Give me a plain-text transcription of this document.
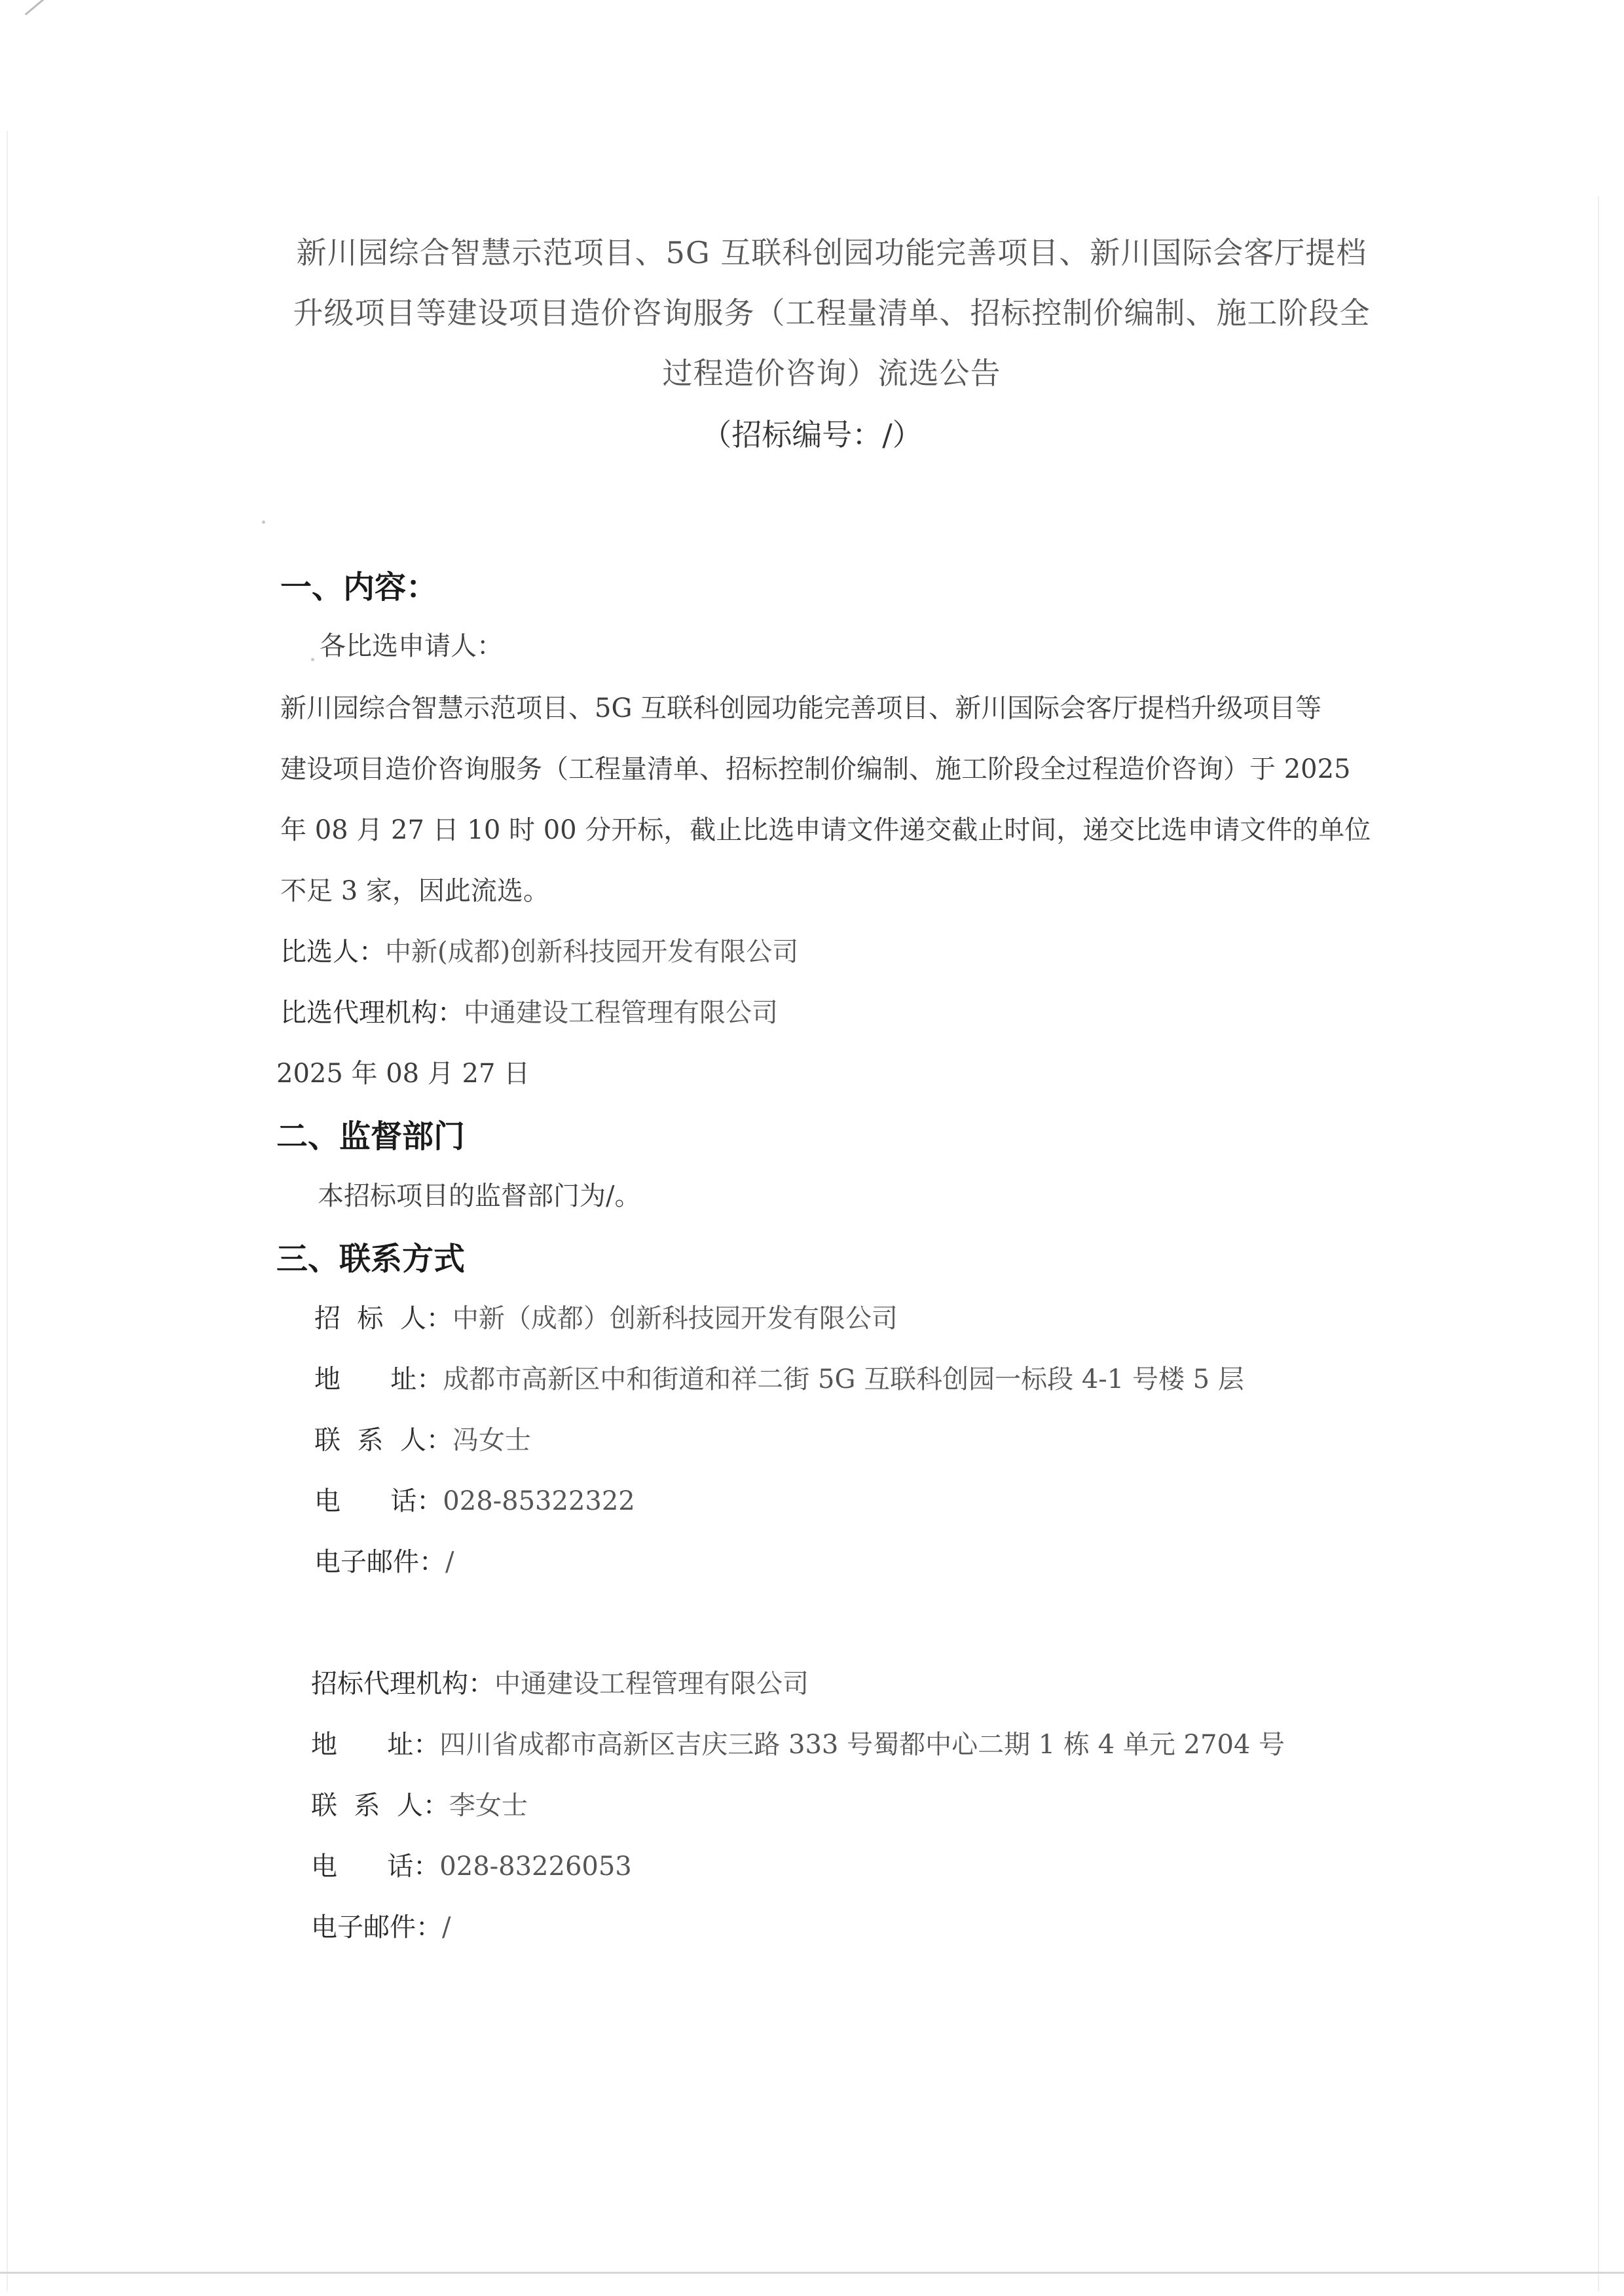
新川园综合智慧示范项目、5G 互联科创园功能完善项目、新川国际会客厅提档
升级项目等建设项目造价咨询服务（工程量清单、招标控制价编制、施工阶段全
过程造价咨询）流选公告
（招标编号：/）
一、内容：
各比选申请人：
新川园综合智慧示范项目、5G 互联科创园功能完善项目、新川国际会客厅提档升级项目等
建设项目造价咨询服务（工程量清单、招标控制价编制、施工阶段全过程造价咨询）于 2025
年 08 月 27 日 10 时 00 分开标，截止比选申请文件递交截止时间，递交比选申请文件的单位
不足 3 家，因此流选。
比选人：中新(成都)创新科技园开发有限公司
比选代理机构：中通建设工程管理有限公司
2025 年 08 月 27 日
二、监督部门
本招标项目的监督部门为/。
三、联系方式
招  标  人：中新（成都）创新科技园开发有限公司
地      址：成都市高新区中和街道和祥二街 5G 互联科创园一标段 4-1 号楼 5 层
联  系  人：冯女士
电      话：028-85322322
电子邮件：/
招标代理机构：中通建设工程管理有限公司
地      址：四川省成都市高新区吉庆三路 333 号蜀都中心二期 1 栋 4 单元 2704 号
联  系  人：李女士
电      话：028-83226053
电子邮件：/
